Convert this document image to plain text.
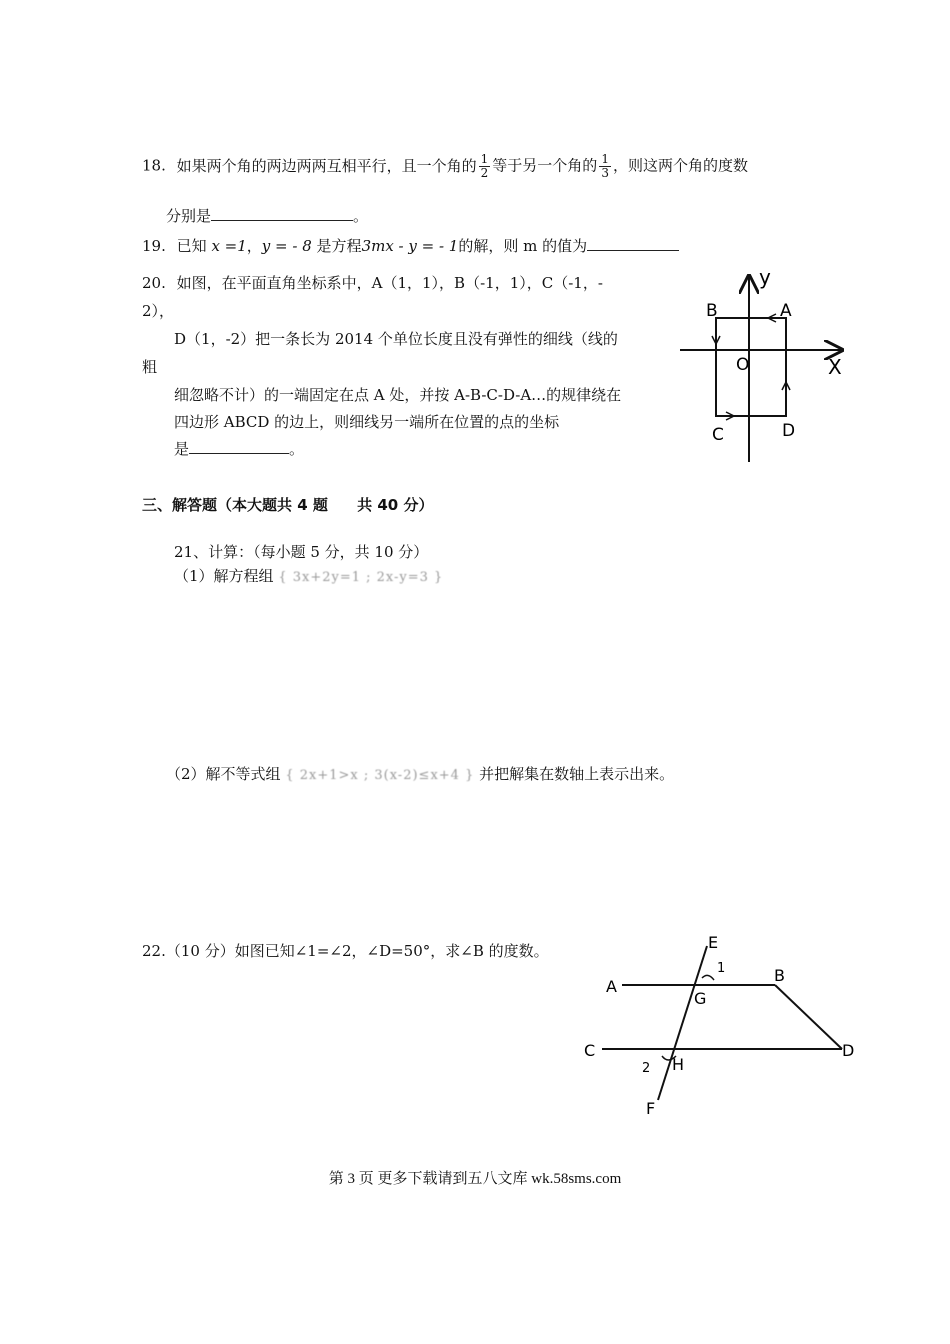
18. 如果两个角的两边两两互相平行，且一个角的 $\frac{1}{2}$ 等于另一个角的 $\frac{1}{3}$ ，则这两个角的度数
分别是	。
19. 已知 x =1，y = - 8 是方程3mx - y = - 1的解，则 m 的值为
20. 如图，在平面直角坐标系中，A（1，1），B（-1，1），C（-1，-
2），
D（1，-2）把一条长为 2014 个单位长度且没有弹性的细线（线的
粗
细忽略不计）的一端固定在点 A 处，并按 A-B-C-D-A…的规律绕在
四边形 ABCD 的边上，则细线另一端所在位置的点的坐标
是	。
y
X
O
A
B
C	D
三、解答题（本大题共 4 题 共 40 分）
21、计算：（每小题 5 分，共 10 分）
（1）解方程组 { 3x+2y=1 ; 2x-y=3 }
（2）解不等式组 { 2x+1>x ; 3(x-2)≤x+4 } 并把解集在数轴上表示出来。
22.（10 分）如图已知∠1=∠2，∠D=50°，求∠B 的度数。	E
1
A
B
G
C	D
2 H
F
第 3 页 更多下载请到五八文库 wk.58sms.com
